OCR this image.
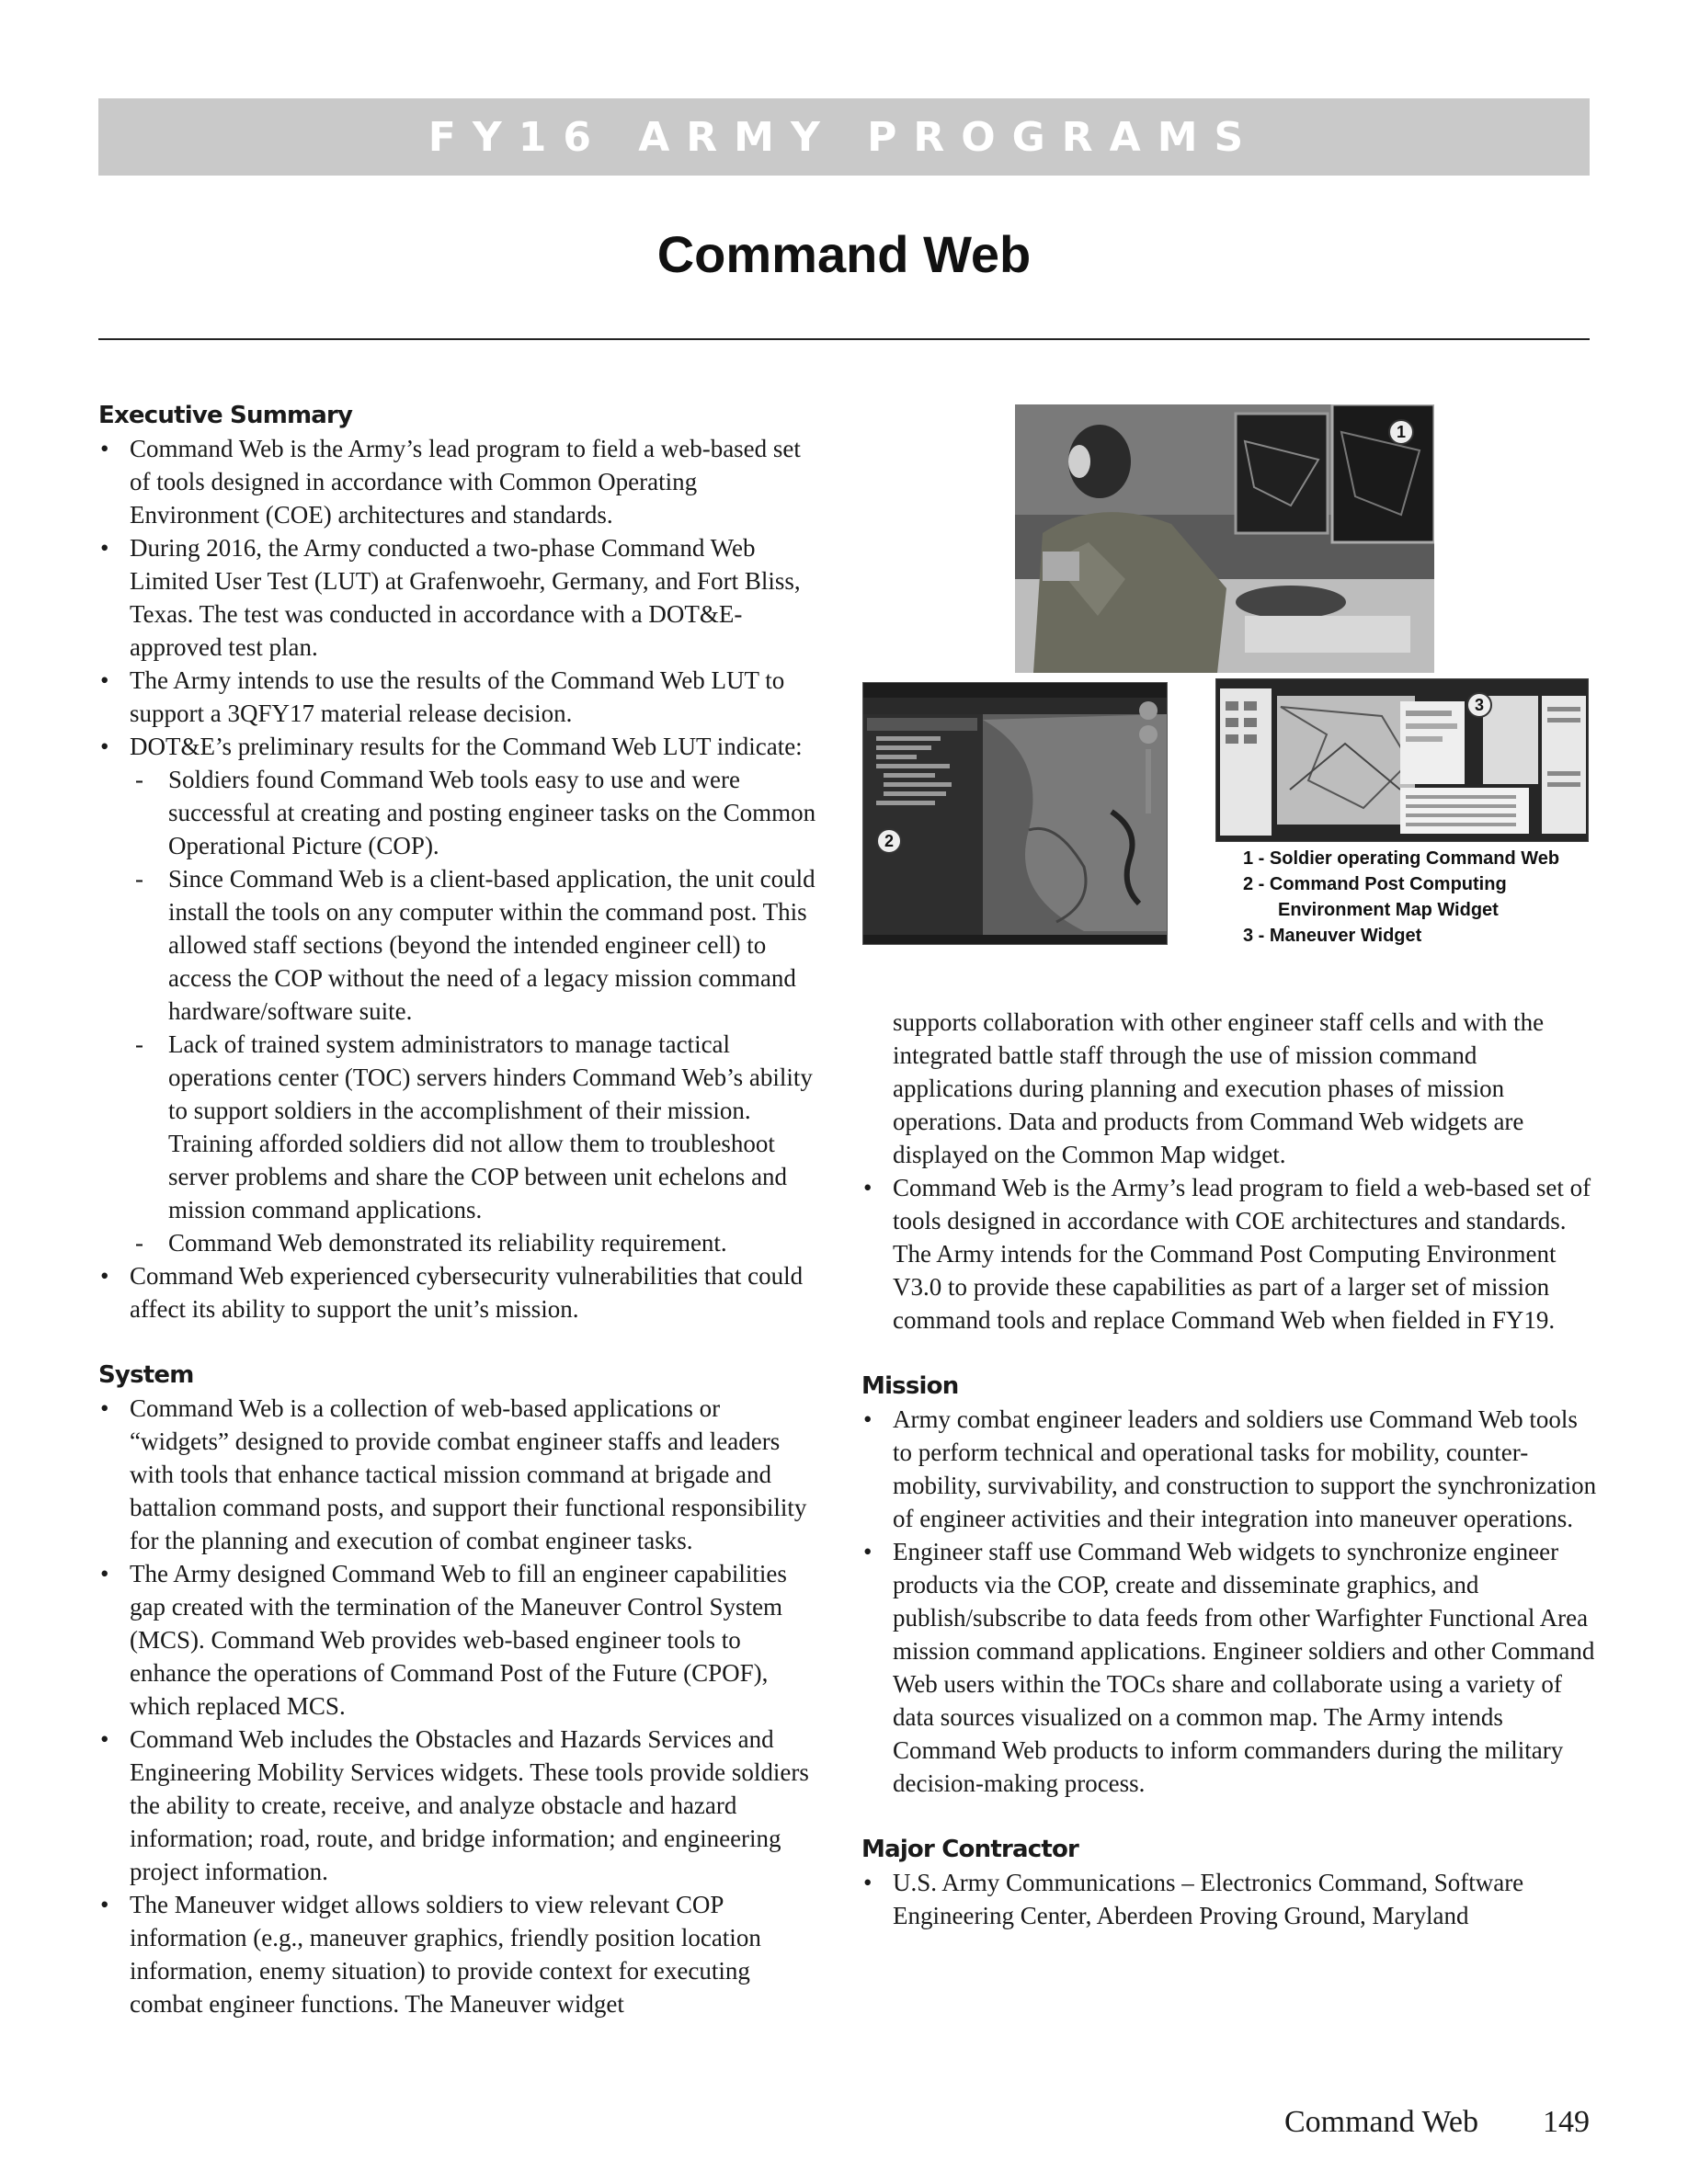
FY16 ARMY PROGRAMS
Command Web
Executive Summary
• Command Web is the Army’s lead program to field a web-based set of tools designed in accordance with Common Operating Environment (COE) architectures and standards.
• During 2016, the Army conducted a two-phase Command Web Limited User Test (LUT) at Grafenwoehr, Germany, and Fort Bliss, Texas. The test was conducted in accordance with a DOT&E-approved test plan.
• The Army intends to use the results of the Command Web LUT to support a 3QFY17 material release decision.
• DOT&E’s preliminary results for the Command Web LUT indicate:
- Soldiers found Command Web tools easy to use and were successful at creating and posting engineer tasks on the Common Operational Picture (COP).
- Since Command Web is a client-based application, the unit could install the tools on any computer within the command post. This allowed staff sections (beyond the intended engineer cell) to access the COP without the need of a legacy mission command hardware/software suite.
- Lack of trained system administrators to manage tactical operations center (TOC) servers hinders Command Web’s ability to support soldiers in the accomplishment of their mission. Training afforded soldiers did not allow them to troubleshoot server problems and share the COP between unit echelons and mission command applications.
- Command Web demonstrated its reliability requirement.
• Command Web experienced cybersecurity vulnerabilities that could affect its ability to support the unit’s mission.
System
• Command Web is a collection of web-based applications or “widgets” designed to provide combat engineer staffs and leaders with tools that enhance tactical mission command at brigade and battalion command posts, and support their functional responsibility for the planning and execution of combat engineer tasks.
• The Army designed Command Web to fill an engineer capabilities gap created with the termination of the Maneuver Control System (MCS). Command Web provides web-based engineer tools to enhance the operations of Command Post of the Future (CPOF), which replaced MCS.
• Command Web includes the Obstacles and Hazards Services and Engineering Mobility Services widgets. These tools provide soldiers the ability to create, receive, and analyze obstacle and hazard information; road, route, and bridge information; and engineering project information.
• The Maneuver widget allows soldiers to view relevant COP information (e.g., maneuver graphics, friendly position location information, enemy situation) to provide context for executing combat engineer functions. The Maneuver widget
1
2
3
1 - Soldier operating Command Web
2 - Command Post Computing
Environment Map Widget
3 - Maneuver Widget

supports collaboration with other engineer staff cells and with the integrated battle staff through the use of mission command applications during planning and execution phases of mission operations. Data and products from Command Web widgets are displayed on the Common Map widget.

• Command Web is the Army’s lead program to field a web-based set of tools designed in accordance with COE architectures and standards. The Army intends for the Command Post Computing Environment V3.0 to provide these capabilities as part of a larger set of mission command tools and replace Command Web when fielded in FY19.
Mission
• Army combat engineer leaders and soldiers use Command Web tools to perform technical and operational tasks for mobility, counter-mobility, survivability, and construction to support the synchronization of engineer activities and their integration into maneuver operations.
• Engineer staff use Command Web widgets to synchronize engineer products via the COP, create and disseminate graphics, and publish/subscribe to data feeds from other Warfighter Functional Area mission command applications. Engineer soldiers and other Command Web users within the TOCs share and collaborate using a variety of data sources visualized on a common map. The Army intends Command Web products to inform commanders during the military decision-making process.
Major Contractor
• U.S. Army Communications – Electronics Command, Software Engineering Center, Aberdeen Proving Ground, Maryland
Command Web 149
